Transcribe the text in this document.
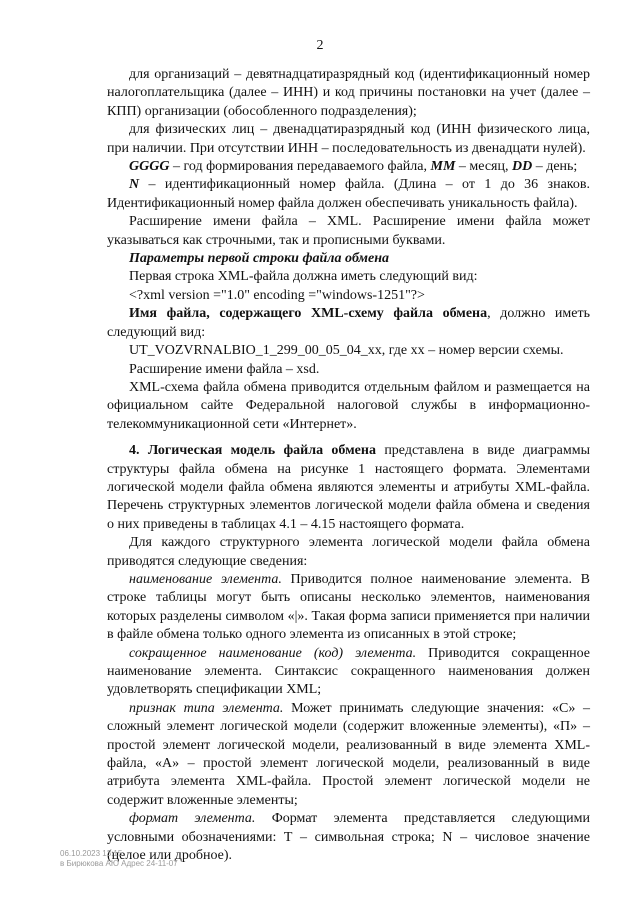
2

для организаций – девятнадцатиразрядный код (идентификационный номер налогоплательщика (далее – ИНН) и код причины постановки на учет (далее – КПП) организации (обособленного подразделения);

для физических лиц – двенадцатиразрядный код (ИНН физического лица, при наличии. При отсутствии ИНН – последовательность из двенадцати нулей).

GGGG – год формирования передаваемого файла, MM – месяц, DD – день;

N – идентификационный номер файла. (Длина – от 1 до 36 знаков. Идентификационный номер файла должен обеспечивать уникальность файла).

Расширение имени файла – XML. Расширение имени файла может указываться как строчными, так и прописными буквами.

Параметры первой строки файла обмена

Первая строка XML-файла должна иметь следующий вид:

<?xml version ="1.0" encoding ="windows-1251"?>

Имя файла, содержащего XML-схему файла обмена, должно иметь следующий вид:

UT_VOZVRNALBIO_1_299_00_05_04_xx, где хх – номер версии схемы.

Расширение имени файла – xsd.

XML-схема файла обмена приводится отдельным файлом и размещается на официальном сайте Федеральной налоговой службы в информационно-телекоммуникационной сети «Интернет».

4. Логическая модель файла обмена представлена в виде диаграммы структуры файла обмена на рисунке 1 настоящего формата. Элементами логической модели файла обмена являются элементы и атрибуты XML-файла. Перечень структурных элементов логической модели файла обмена и сведения о них приведены в таблицах 4.1 – 4.15 настоящего формата.

Для каждого структурного элемента логической модели файла обмена приводятся следующие сведения:

наименование элемента. Приводится полное наименование элемента. В строке таблицы могут быть описаны несколько элементов, наименования которых разделены символом «|». Такая форма записи применяется при наличии в файле обмена только одного элемента из описанных в этой строке;

сокращенное наименование (код) элемента. Приводится сокращенное наименование элемента. Синтаксис сокращенного наименования должен удовлетворять спецификации XML;

признак типа элемента. Может принимать следующие значения: «С» – сложный элемент логической модели (содержит вложенные элементы), «П» – простой элемент логической модели, реализованный в виде элемента XML-файла, «А» – простой элемент логической модели, реализованный в виде атрибута элемента XML-файла. Простой элемент логической модели не содержит вложенные элементы;

формат элемента. Формат элемента представляется следующими условными обозначениями: Т – символьная строка; N – числовое значение (целое или дробное).

06.10.2023 13:15
в Бирюкова АЮ Адрес 24-11-07
